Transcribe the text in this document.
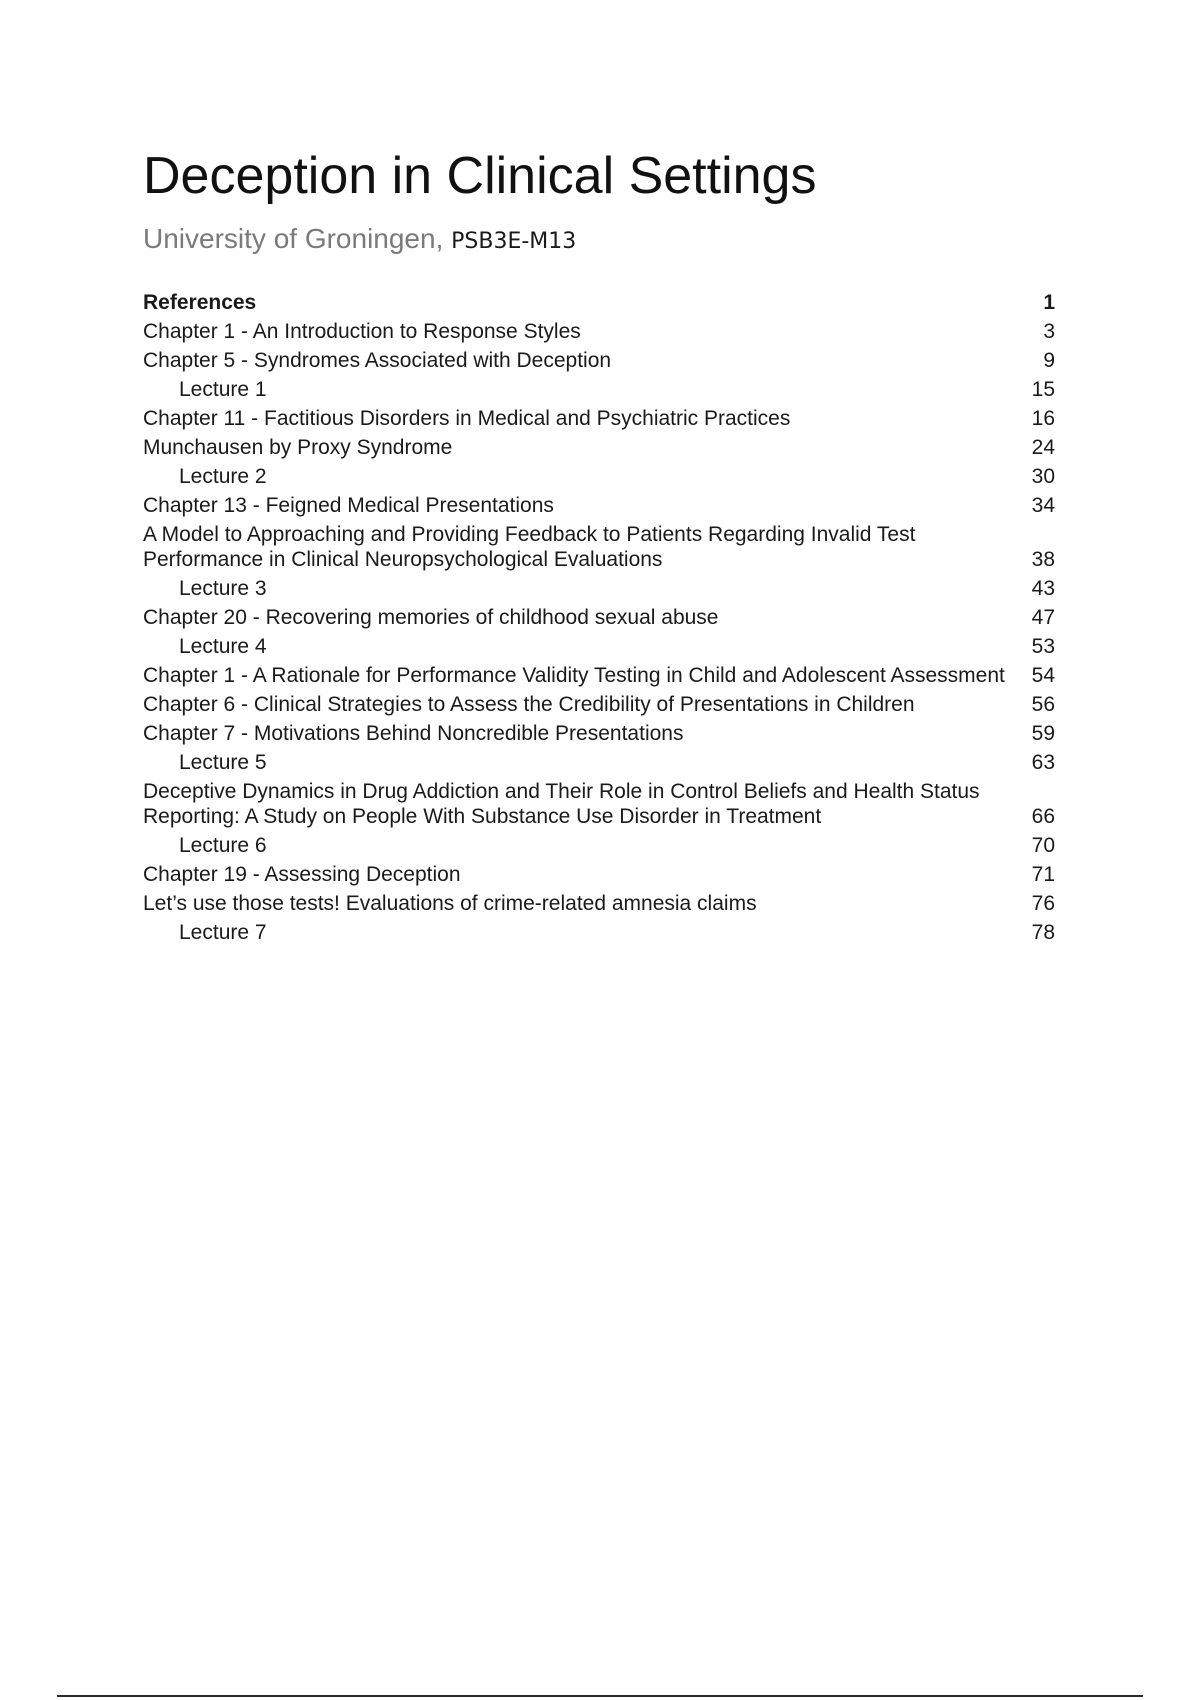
Deception in Clinical Settings
University of Groningen, PSB3E-M13
References	1
Chapter 1 - An Introduction to Response Styles	3
Chapter 5 - Syndromes Associated with Deception	9
Lecture 1	15
Chapter 11 - Factitious Disorders in Medical and Psychiatric Practices	16
Munchausen by Proxy Syndrome	24
Lecture 2	30
Chapter 13 - Feigned Medical Presentations	34
A Model to Approaching and Providing Feedback to Patients Regarding Invalid Test Performance in Clinical Neuropsychological Evaluations	38
Lecture 3	43
Chapter 20 - Recovering memories of childhood sexual abuse	47
Lecture 4	53
Chapter 1 - A Rationale for Performance Validity Testing in Child and Adolescent Assessment	54
Chapter 6 - Clinical Strategies to Assess the Credibility of Presentations in Children	56
Chapter 7 - Motivations Behind Noncredible Presentations	59
Lecture 5	63
Deceptive Dynamics in Drug Addiction and Their Role in Control Beliefs and Health Status Reporting: A Study on People With Substance Use Disorder in Treatment	66
Lecture 6	70
Chapter 19 - Assessing Deception	71
Let’s use those tests! Evaluations of crime-related amnesia claims	76
Lecture 7	78
